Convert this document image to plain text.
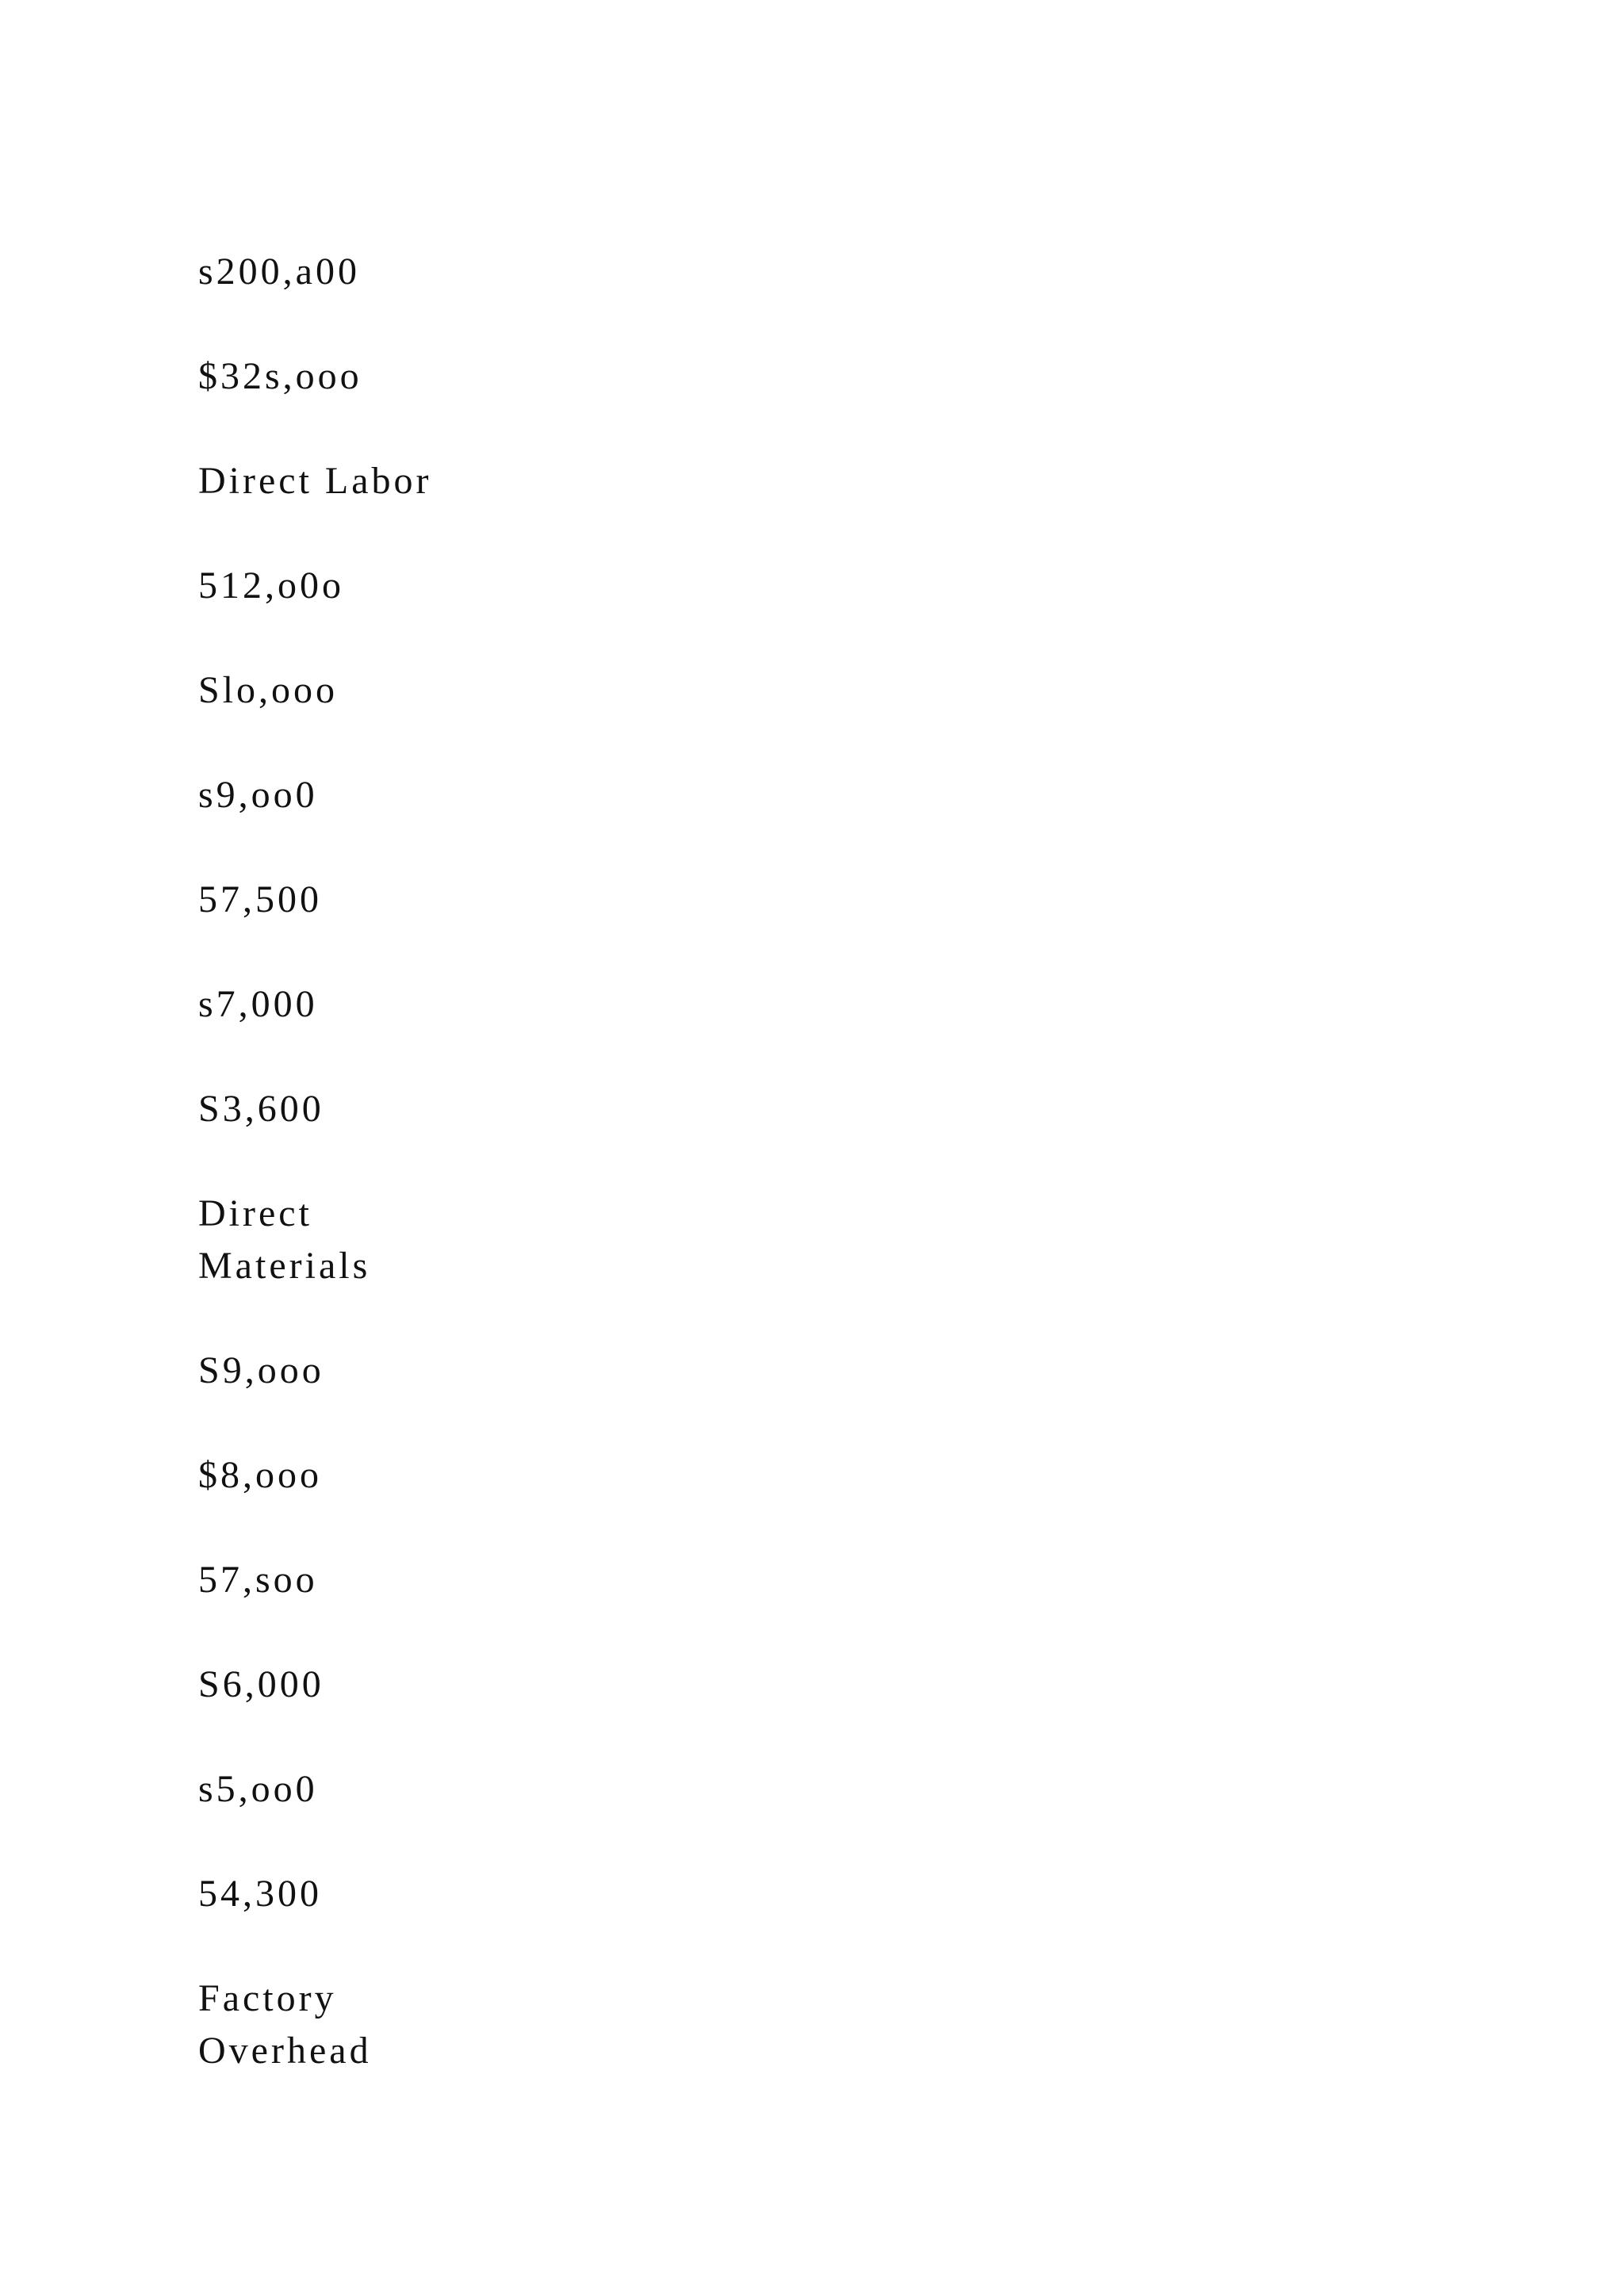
s200,a00

$32s,ooo

Direct Labor

512,o0o

Slo,ooo

s9,oo0

57,500

s7,000

S3,600

Direct
Materials

S9,ooo

$8,ooo

57,soo

S6,000

s5,oo0

54,300

Factory
Overhead
